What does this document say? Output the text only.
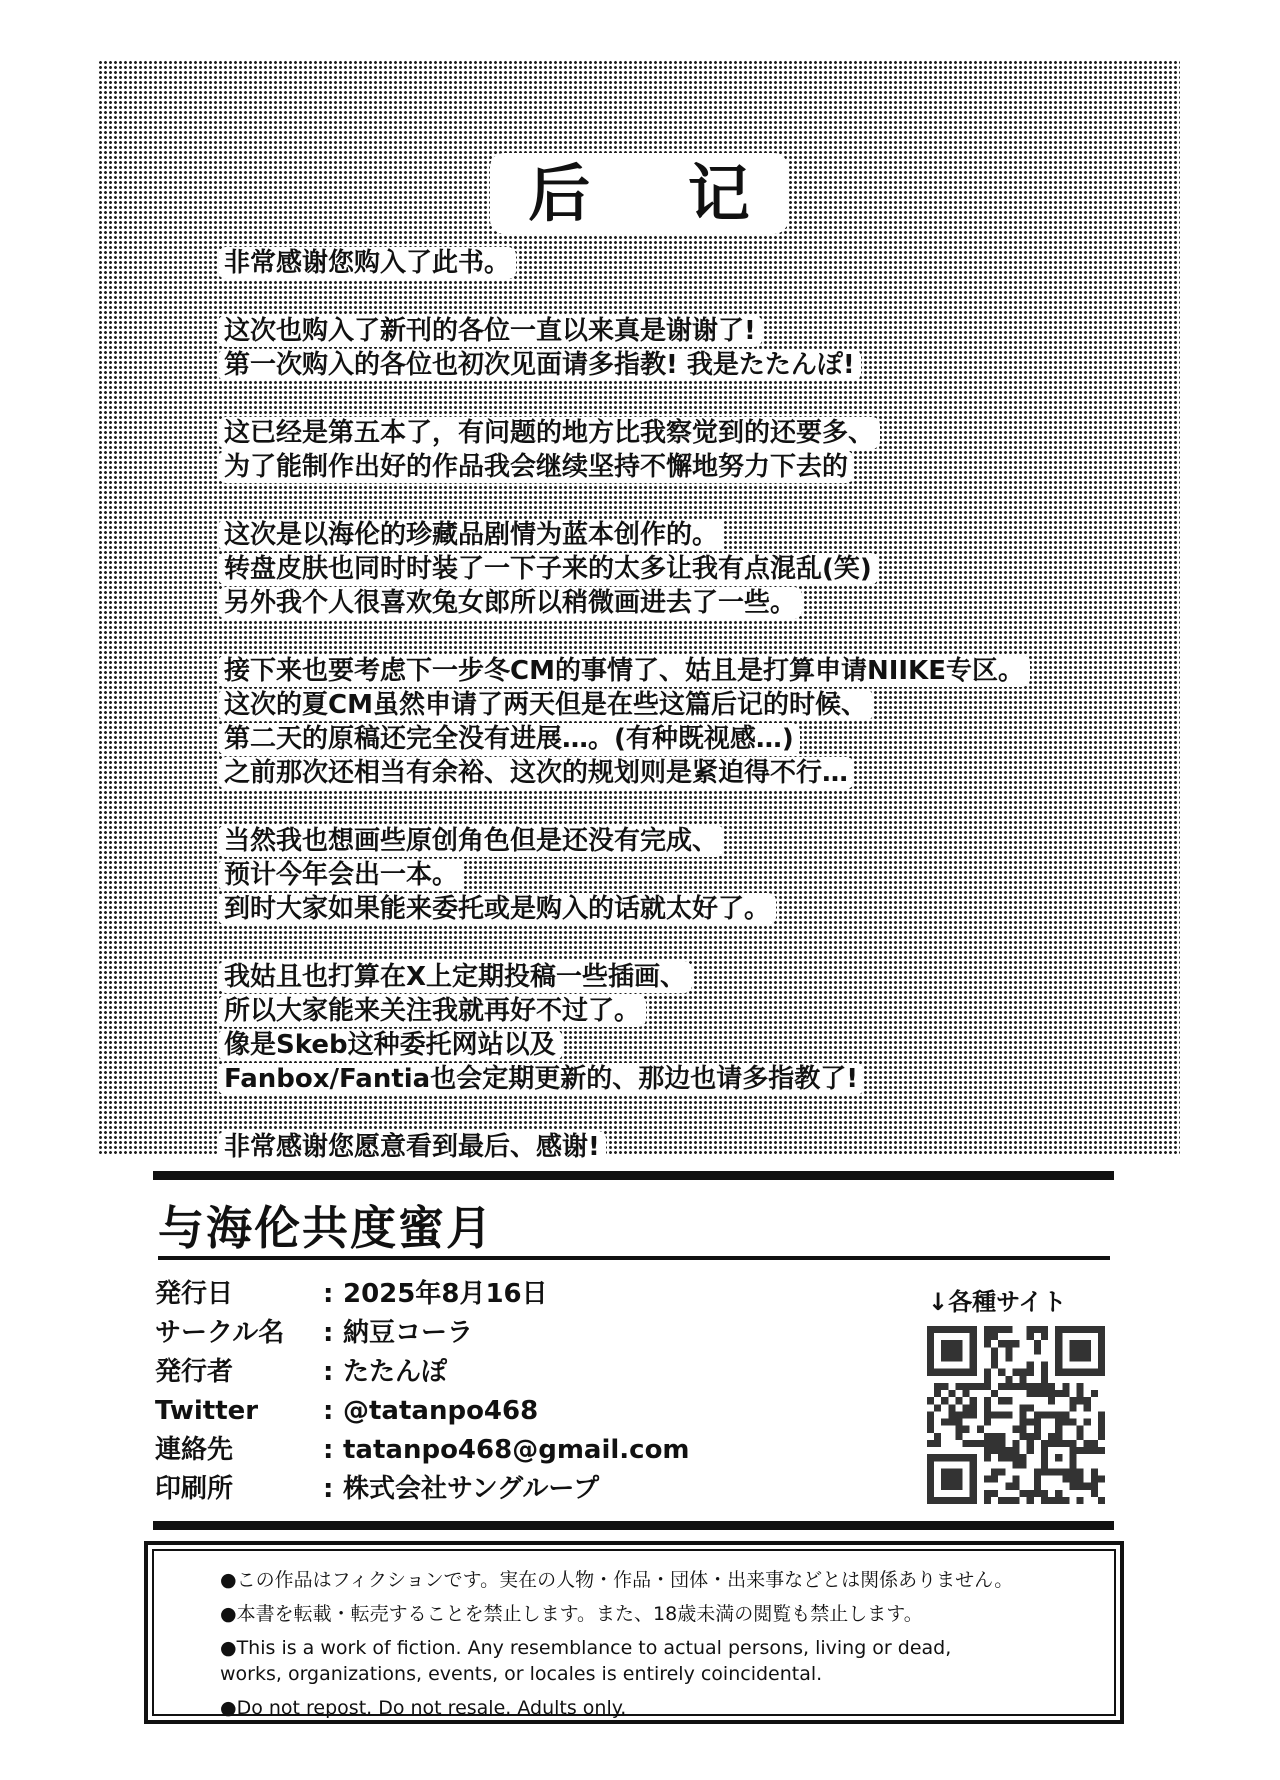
后 记
非常感谢您购入了此书。
这次也购入了新刊的各位一直以来真是谢谢了!
第一次购入的各位也初次见面请多指教! 我是たたんぽ!
这已经是第五本了，有问题的地方比我察觉到的还要多、
为了能制作出好的作品我会继续坚持不懈地努力下去的
这次是以海伦的珍藏品剧情为蓝本创作的。
转盘皮肤也同时时装了一下子来的太多让我有点混乱(笑)
另外我个人很喜欢兔女郎所以稍微画进去了一些。
接下来也要考虑下一步冬CM的事情了、姑且是打算申请NIIKE专区。
这次的夏CM虽然申请了两天但是在些这篇后记的时候、
第二天的原稿还完全没有进展…。(有种既视感…)
之前那次还相当有余裕、这次的规划则是紧迫得不行…
当然我也想画些原创角色但是还没有完成、
预计今年会出一本。
到时大家如果能来委托或是购入的话就太好了。
我姑且也打算在X上定期投稿一些插画、
所以大家能来关注我就再好不过了。
像是Skeb这种委托网站以及
Fanbox/Fantia也会定期更新的、那边也请多指教了!
非常感谢您愿意看到最后、感谢!
与海伦共度蜜月
発行日	: 2025年8月16日
サークル名	: 納豆コーラ
発行者	: たたんぽ
Twitter	: @tatanpo468
連絡先	: tatanpo468@gmail.com
印刷所	: 株式会社サングループ
↓各種サイト

●この作品はフィクションです。実在の人物・作品・団体・出来事などとは関係ありません。

●本書を転載・転売することを禁止します。また、18歳未満の閲覧も禁止します。

●This is a work of fiction. Any resemblance to actual persons, living or dead, works, organizations, events, or locales is entirely coincidental.

●Do not repost. Do not resale. Adults only.
